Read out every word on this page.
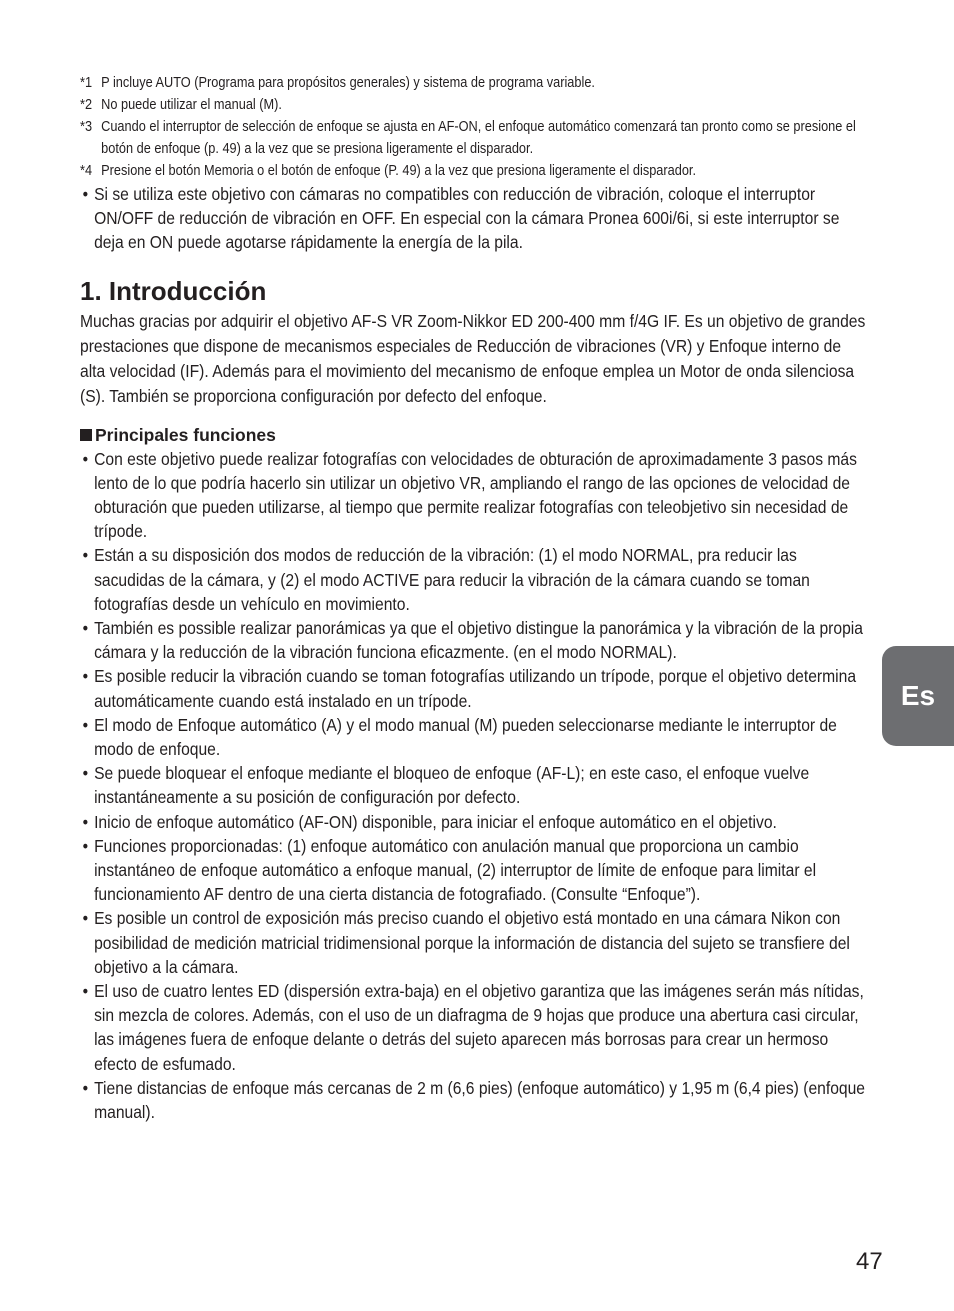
*1 P incluye AUTO (Programa para propósitos generales) y sistema de programa variable.
*2 No puede utilizar el manual (M).
*3 Cuando el interruptor de selección de enfoque se ajusta en AF-ON, el enfoque automático comenzará tan pronto como se presione el botón de enfoque (p. 49) a la vez que se presiona ligeramente el disparador.
*4 Presione el botón Memoria o el botón de enfoque (P. 49) a la vez que presiona ligeramente el disparador.
• Si se utiliza este objetivo con cámaras no compatibles con reducción de vibración, coloque el interruptor ON/OFF de reducción de vibración en OFF. En especial con la cámara Pronea 600i/6i, si este interruptor se deja en ON puede agotarse rápidamente la energía de la pila.
1. Introducción
Muchas gracias por adquirir el objetivo AF-S VR Zoom-Nikkor ED 200-400 mm f/4G IF. Es un objetivo de grandes prestaciones que dispone de mecanismos especiales de Reducción de vibraciones (VR) y Enfoque interno de alta velocidad (IF). Además para el movimiento del mecanismo de enfoque emplea un Motor de onda silenciosa (S). También se proporciona configuración por defecto del enfoque.
Principales funciones
• Con este objetivo puede realizar fotografías con velocidades de obturación de aproximadamente 3 pasos más lento de lo que podría hacerlo sin utilizar un objetivo VR, ampliando el rango de las opciones de velocidad de obturación que pueden utilizarse, al tiempo que permite realizar fotografías con teleobjetivo sin necesidad de trípode.
• Están a su disposición dos modos de reducción de la vibración: (1) el modo NORMAL, pra reducir las sacudidas de la cámara, y (2) el modo ACTIVE para reducir la vibración de la cámara cuando se toman fotografías desde un vehículo en movimiento.
• También es possible realizar panorámicas ya que el objetivo distingue la panorámica y la vibración de la propia cámara y la reducción de la vibración funciona eficazmente. (en el modo NORMAL).
• Es posible reducir la vibración cuando se toman fotografías utilizando un trípode, porque el objetivo determina automáticamente cuando está instalado en un trípode.
• El modo de Enfoque automático (A) y el modo manual (M) pueden seleccionarse mediante le interruptor de modo de enfoque.
• Se puede bloquear el enfoque mediante el bloqueo de enfoque (AF-L); en este caso, el enfoque vuelve instantáneamente a su posición de configuración por defecto.
• Inicio de enfoque automático (AF-ON) disponible, para iniciar el enfoque automático en el objetivo.
• Funciones proporcionadas: (1) enfoque automático con anulación manual que proporciona un cambio instantáneo de enfoque automático a enfoque manual, (2) interruptor de límite de enfoque para limitar el funcionamiento AF dentro de una cierta distancia de fotografiado. (Consulte “Enfoque”).
• Es posible un control de exposición más preciso cuando el objetivo está montado en una cámara Nikon con posibilidad de medición matricial tridimensional porque la información de distancia del sujeto se transfiere del objetivo a la cámara.
• El uso de cuatro lentes ED (dispersión extra-baja) en el objetivo garantiza que las imágenes serán más nítidas, sin mezcla de colores. Además, con el uso de un diafragma de 9 hojas que produce una abertura casi circular, las imágenes fuera de enfoque delante o detrás del sujeto aparecen más borrosas para crear un hermoso efecto de esfumado.
• Tiene distancias de enfoque más cercanas de 2 m (6,6 pies) (enfoque automático) y 1,95 m (6,4 pies) (enfoque manual).
Es
47
